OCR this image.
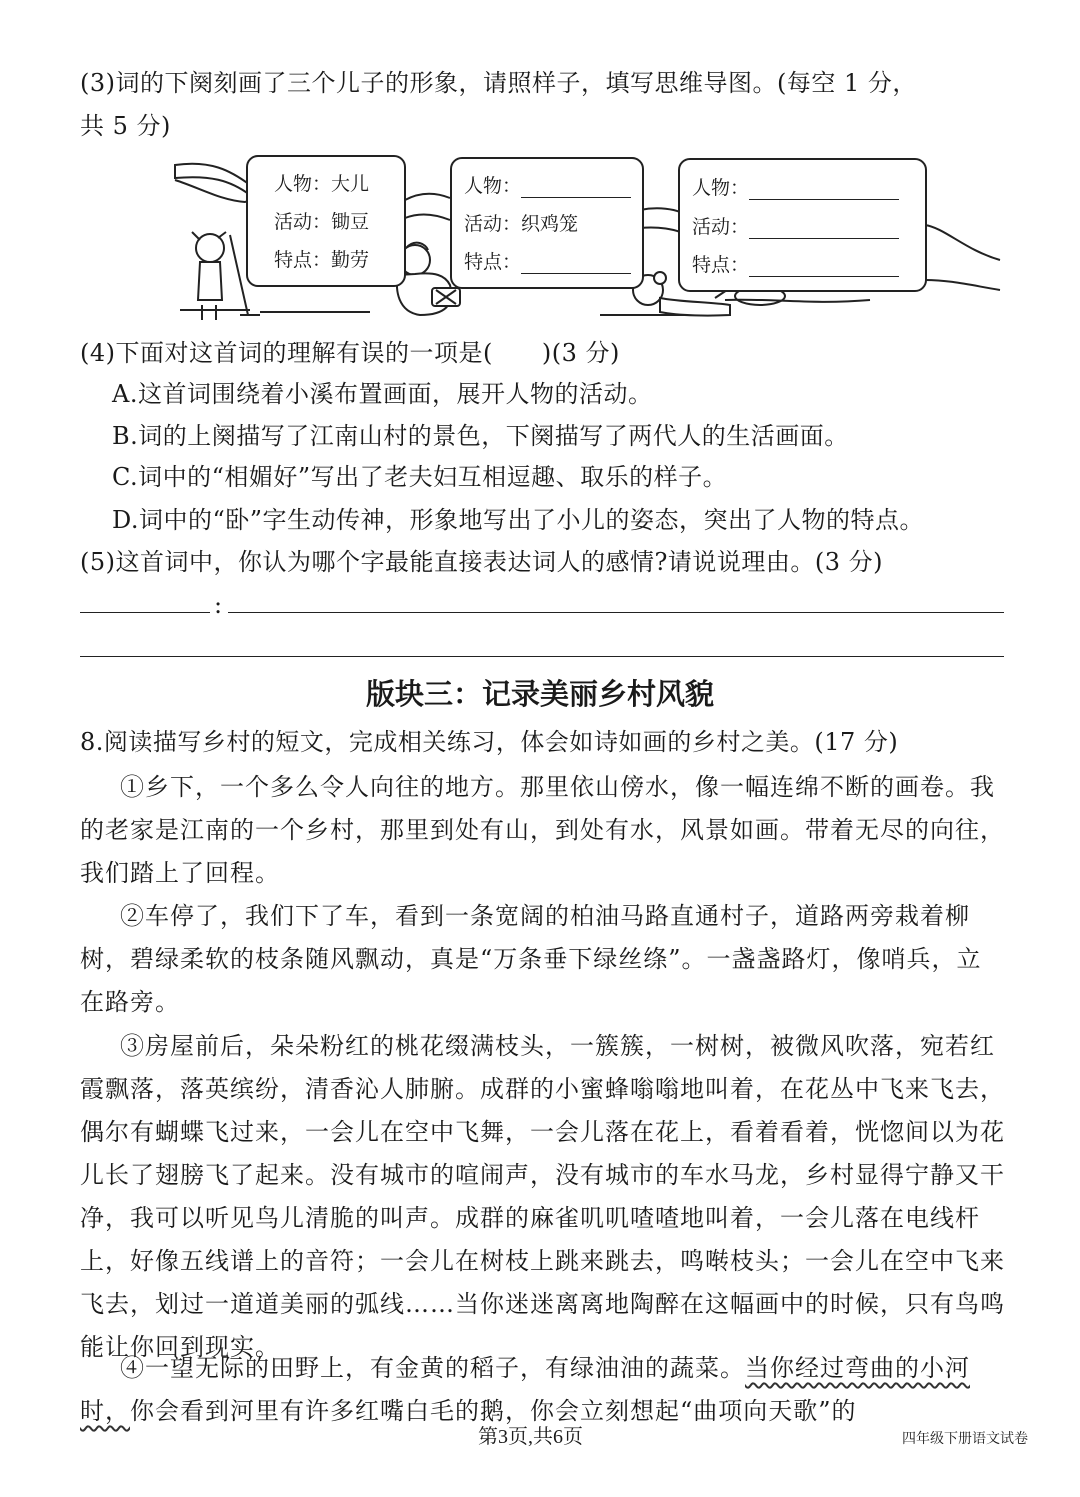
(3)词的下阕刻画了三个儿子的形象，请照样子，填写思维导图。(每空 1 分，
共 5 分)
人物：大儿
活动：锄豆
特点：勤劳
人物：
活动：织鸡笼
特点：
人物：
活动：
特点：
(4)下面对这首词的理解有误的一项是(　　)(3 分)
A.这首词围绕着小溪布置画面，展开人物的活动。
B.词的上阕描写了江南山村的景色，下阕描写了两代人的生活画面。
C.词中的“相媚好”写出了老夫妇互相逗趣、取乐的样子。
D.词中的“卧”字生动传神，形象地写出了小儿的姿态，突出了人物的特点。
(5)这首词中，你认为哪个字最能直接表达词人的感情?请说说理由。(3 分)
:
版块三：记录美丽乡村风貌
8.阅读描写乡村的短文，完成相关练习，体会如诗如画的乡村之美。(17 分)
①乡下，一个多么令人向往的地方。那里依山傍水，像一幅连绵不断的画卷。我的老家是江南的一个乡村，那里到处有山，到处有水，风景如画。带着无尽的向往，我们踏上了回程。
②车停了，我们下了车，看到一条宽阔的柏油马路直通村子，道路两旁栽着柳树，碧绿柔软的枝条随风飘动，真是“万条垂下绿丝绦”。一盏盏路灯，像哨兵，立在路旁。
③房屋前后，朵朵粉红的桃花缀满枝头，一簇簇，一树树，被微风吹落，宛若红霞飘落，落英缤纷，清香沁人肺腑。成群的小蜜蜂嗡嗡地叫着，在花丛中飞来飞去，偶尔有蝴蝶飞过来，一会儿在空中飞舞，一会儿落在花上，看着看着，恍惚间以为花儿长了翅膀飞了起来。没有城市的喧闹声，没有城市的车水马龙，乡村显得宁静又干净，我可以听见鸟儿清脆的叫声。成群的麻雀叽叽喳喳地叫着，一会儿落在电线杆上，好像五线谱上的音符；一会儿在树枝上跳来跳去，鸣啭枝头；一会儿在空中飞来飞去，划过一道道美丽的弧线……当你迷迷离离地陶醉在这幅画中的时候，只有鸟鸣能让你回到现实。
④一望无际的田野上，有金黄的稻子，有绿油油的蔬菜。当你经过弯曲的小河时，你会看到河里有许多红嘴白毛的鹅，你会立刻想起“曲项向天歌”的
第3页,共6页	四年级下册语文试卷
